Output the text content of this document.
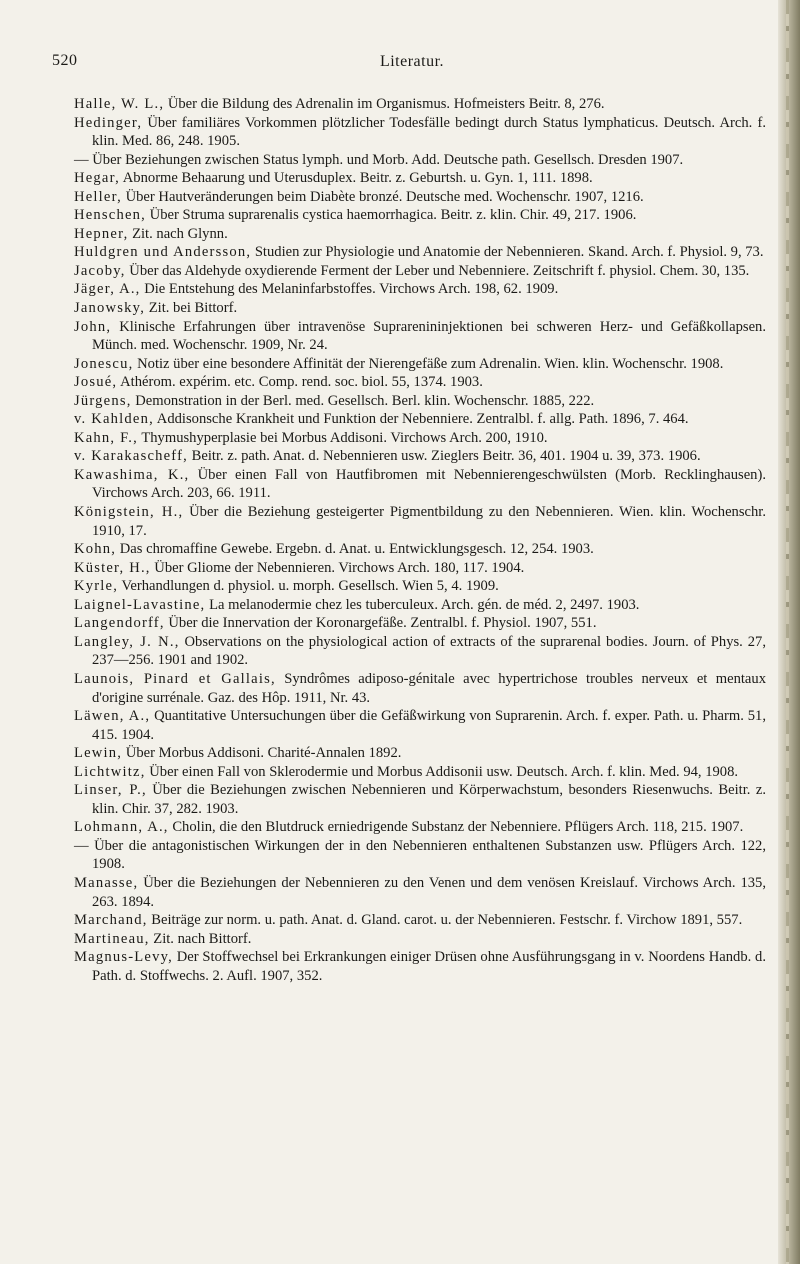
520	Literatur.
Halle, W. L., Über die Bildung des Adrenalin im Organismus. Hofmeisters Beitr. 8, 276.
Hedinger, Über familiäres Vorkommen plötzlicher Todesfälle bedingt durch Status lymphaticus. Deutsch. Arch. f. klin. Med. 86, 248. 1905.
— Über Beziehungen zwischen Status lymph. und Morb. Add. Deutsche path. Gesellsch. Dresden 1907.
Hegar, Abnorme Behaarung und Uterusduplex. Beitr. z. Geburtsh. u. Gyn. 1, 111. 1898.
Heller, Über Hautveränderungen beim Diabète bronzé. Deutsche med. Wochenschr. 1907, 1216.
Henschen, Über Struma suprarenalis cystica haemorrhagica. Beitr. z. klin. Chir. 49, 217. 1906.
Hepner, Zit. nach Glynn.
Huldgren und Andersson, Studien zur Physiologie und Anatomie der Nebennieren. Skand. Arch. f. Physiol. 9, 73.
Jacoby, Über das Aldehyde oxydierende Ferment der Leber und Nebenniere. Zeitschrift f. physiol. Chem. 30, 135.
Jäger, A., Die Entstehung des Melaninfarbstoffes. Virchows Arch. 198, 62. 1909.
Janowsky, Zit. bei Bittorf.
John, Klinische Erfahrungen über intravenöse Suprarenininjektionen bei schweren Herz- und Gefäßkollapsen. Münch. med. Wochenschr. 1909, Nr. 24.
Jonescu, Notiz über eine besondere Affinität der Nierengefäße zum Adrenalin. Wien. klin. Wochenschr. 1908.
Josué, Athérom. expérim. etc. Comp. rend. soc. biol. 55, 1374. 1903.
Jürgens, Demonstration in der Berl. med. Gesellsch. Berl. klin. Wochenschr. 1885, 222.
v. Kahlden, Addisonsche Krankheit und Funktion der Nebenniere. Zentralbl. f. allg. Path. 1896, 7. 464.
Kahn, F., Thymushyperplasie bei Morbus Addisoni. Virchows Arch. 200, 1910.
v. Karakascheff, Beitr. z. path. Anat. d. Nebennieren usw. Zieglers Beitr. 36, 401. 1904 u. 39, 373. 1906.
Kawashima, K., Über einen Fall von Hautfibromen mit Nebennierengeschwülsten (Morb. Recklinghausen). Virchows Arch. 203, 66. 1911.
Königstein, H., Über die Beziehung gesteigerter Pigmentbildung zu den Nebennieren. Wien. klin. Wochenschr. 1910, 17.
Kohn, Das chromaffine Gewebe. Ergebn. d. Anat. u. Entwicklungsgesch. 12, 254. 1903.
Küster, H., Über Gliome der Nebennieren. Virchows Arch. 180, 117. 1904.
Kyrle, Verhandlungen d. physiol. u. morph. Gesellsch. Wien 5, 4. 1909.
Laignel-Lavastine, La melanodermie chez les tuberculeux. Arch. gén. de méd. 2, 2497. 1903.
Langendorff, Über die Innervation der Koronargefäße. Zentralbl. f. Physiol. 1907, 551.
Langley, J. N., Observations on the physiological action of extracts of the suprarenal bodies. Journ. of Phys. 27, 237—256. 1901 and 1902.
Launois, Pinard et Gallais, Syndrômes adiposo-génitale avec hypertrichose troubles nerveux et mentaux d'origine surrénale. Gaz. des Hôp. 1911, Nr. 43.
Läwen, A., Quantitative Untersuchungen über die Gefäßwirkung von Suprarenin. Arch. f. exper. Path. u. Pharm. 51, 415. 1904.
Lewin, Über Morbus Addisoni. Charité-Annalen 1892.
Lichtwitz, Über einen Fall von Sklerodermie und Morbus Addisonii usw. Deutsch. Arch. f. klin. Med. 94, 1908.
Linser, P., Über die Beziehungen zwischen Nebennieren und Körperwachstum, besonders Riesenwuchs. Beitr. z. klin. Chir. 37, 282. 1903.
Lohmann, A., Cholin, die den Blutdruck erniedrigende Substanz der Nebenniere. Pflügers Arch. 118, 215. 1907.
— Über die antagonistischen Wirkungen der in den Nebennieren enthaltenen Substanzen usw. Pflügers Arch. 122, 1908.
Manasse, Über die Beziehungen der Nebennieren zu den Venen und dem venösen Kreislauf. Virchows Arch. 135, 263. 1894.
Marchand, Beiträge zur norm. u. path. Anat. d. Gland. carot. u. der Nebennieren. Festschr. f. Virchow 1891, 557.
Martineau, Zit. nach Bittorf.
Magnus-Levy, Der Stoffwechsel bei Erkrankungen einiger Drüsen ohne Ausführungsgang in v. Noordens Handb. d. Path. d. Stoffwechs. 2. Aufl. 1907, 352.
